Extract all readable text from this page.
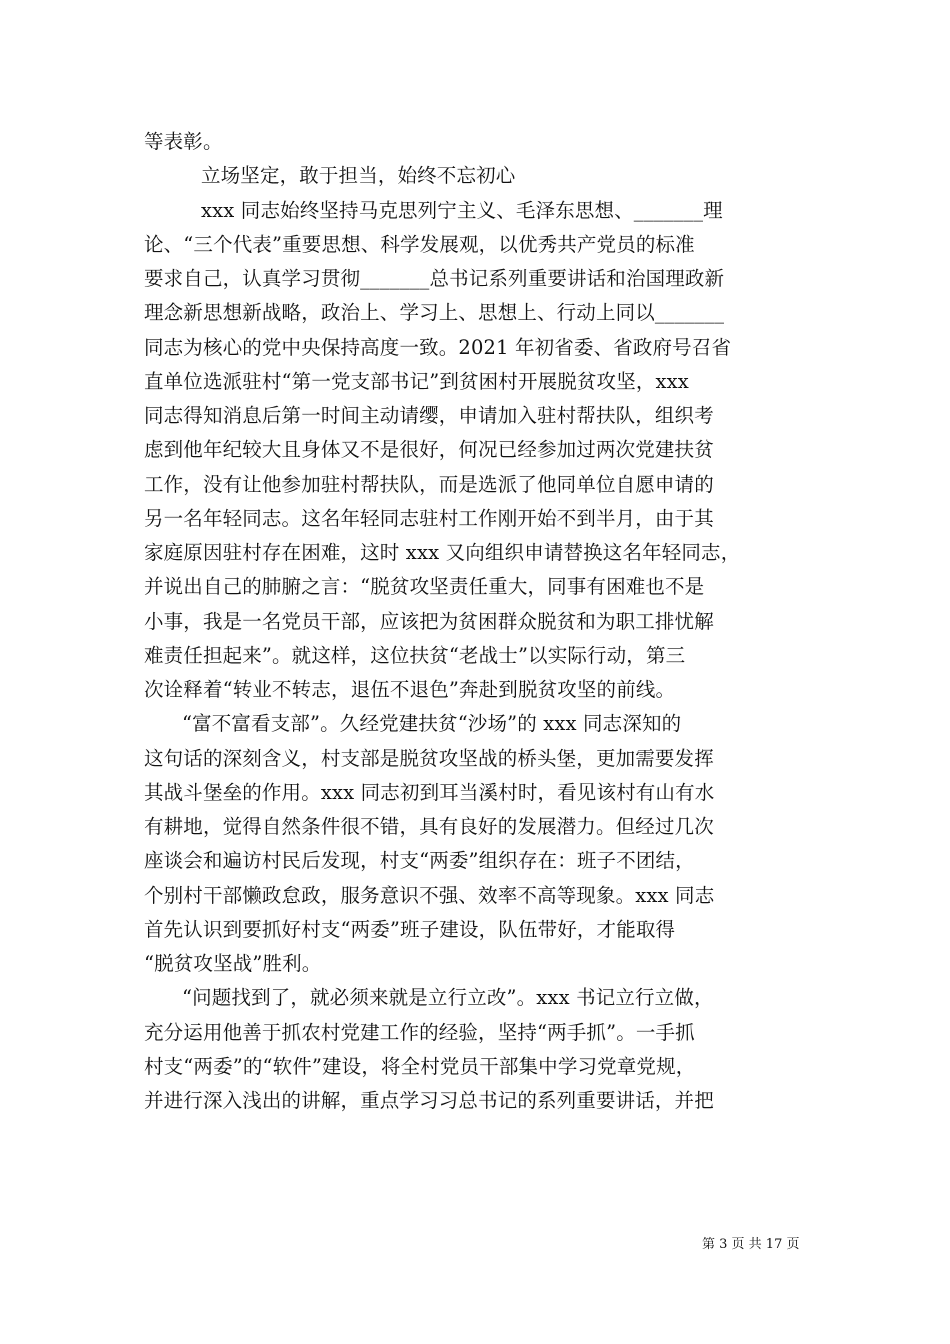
等表彰。
立场坚定，敢于担当，始终不忘初心
xxx 同志始终坚持马克思列宁主义、毛泽东思想、_______理
论、“三个代表”重要思想、科学发展观，以优秀共产党员的标准
要求自己，认真学习贯彻_______总书记系列重要讲话和治国理政新
理念新思想新战略，政治上、学习上、思想上、行动上同以_______
同志为核心的党中央保持高度一致。2021 年初省委、省政府号召省
直单位选派驻村“第一党支部书记”到贫困村开展脱贫攻坚，xxx
同志得知消息后第一时间主动请缨，申请加入驻村帮扶队，组织考
虑到他年纪较大且身体又不是很好，何况已经参加过两次党建扶贫
工作，没有让他参加驻村帮扶队，而是选派了他同单位自愿申请的
另一名年轻同志。这名年轻同志驻村工作刚开始不到半月，由于其
家庭原因驻村存在困难，这时 xxx 又向组织申请替换这名年轻同志，
并说出自己的肺腑之言：“脱贫攻坚责任重大，同事有困难也不是
小事，我是一名党员干部，应该把为贫困群众脱贫和为职工排忧解
难责任担起来”。就这样，这位扶贫“老战士”以实际行动，第三
次诠释着“转业不转志，退伍不退色”奔赴到脱贫攻坚的前线。
“富不富看支部”。久经党建扶贫“沙场”的 xxx 同志深知的
这句话的深刻含义，村支部是脱贫攻坚战的桥头堡，更加需要发挥
其战斗堡垒的作用。xxx 同志初到耳当溪村时，看见该村有山有水
有耕地，觉得自然条件很不错，具有良好的发展潜力。但经过几次
座谈会和遍访村民后发现，村支“两委”组织存在：班子不团结，
个别村干部懒政怠政，服务意识不强、效率不高等现象。xxx 同志
首先认识到要抓好村支“两委”班子建设，队伍带好，才能取得
“脱贫攻坚战”胜利。
“问题找到了，就必须来就是立行立改”。xxx 书记立行立做，
充分运用他善于抓农村党建工作的经验，坚持“两手抓”。一手抓
村支“两委”的“软件”建设，将全村党员干部集中学习党章党规，
并进行深入浅出的讲解，重点学习习总书记的系列重要讲话，并把
第 3 页 共 17 页
